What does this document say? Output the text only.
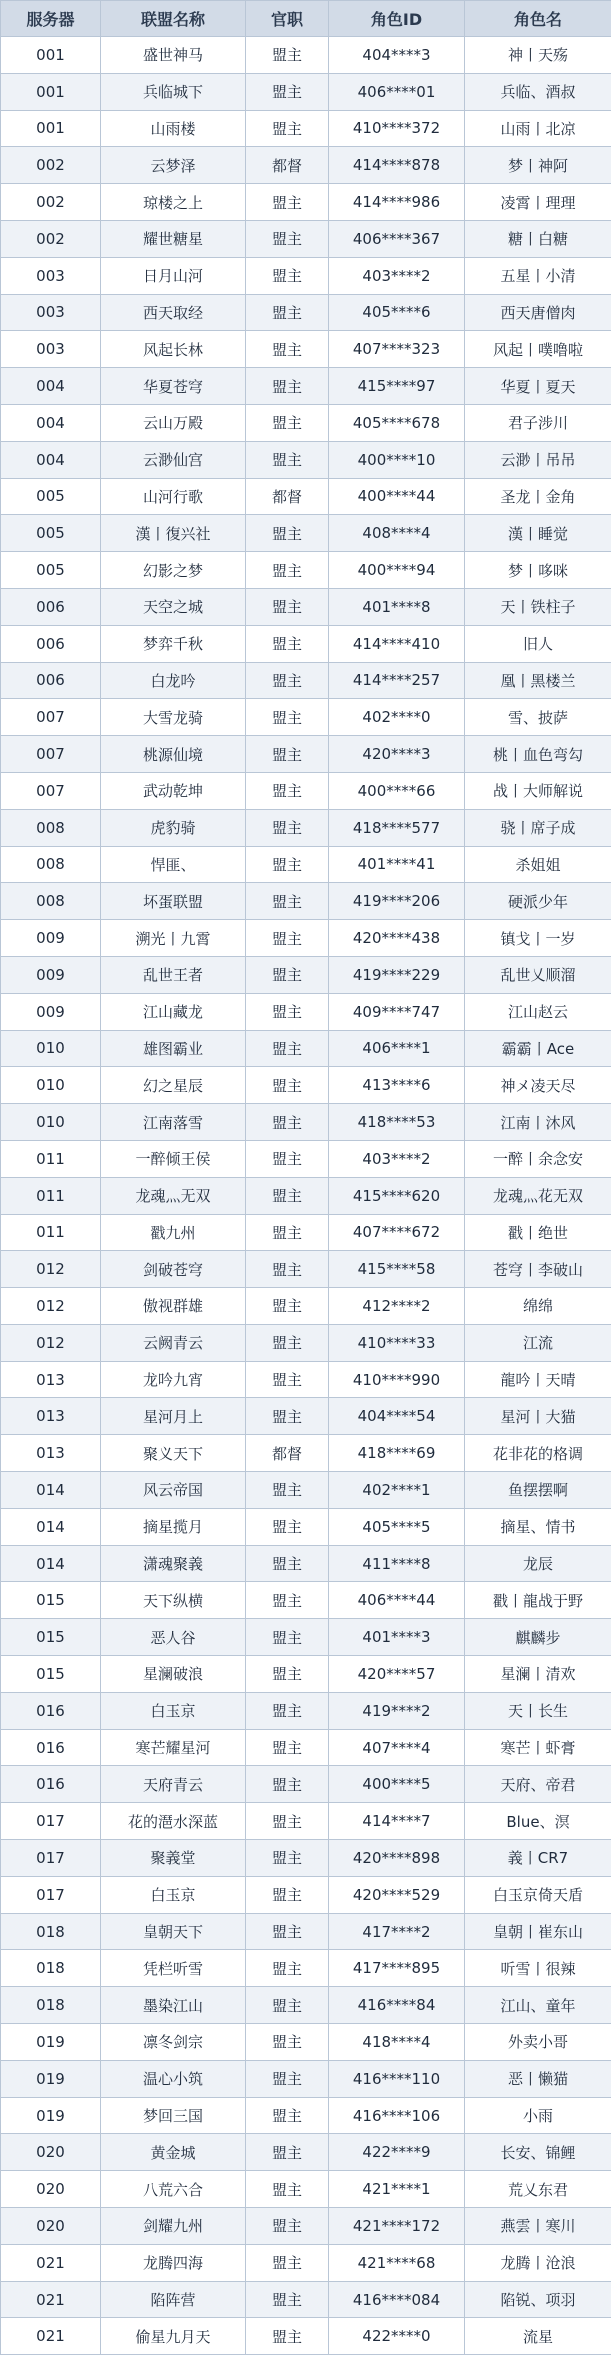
服务器	联盟名称	官职	角色ID	角色名
001	盛世神马	盟主	404****3	神丨天殇
001	兵临城下	盟主	406****01	兵临、酒叔
001	山雨楼	盟主	410****372	山雨丨北凉
002	云梦泽	都督	414****878	梦丨神阿
002	琼楼之上	盟主	414****986	凌霄丨理理
002	耀世糖星	盟主	406****367	糖丨白糖
003	日月山河	盟主	403****2	五星丨小清
003	西天取经	盟主	405****6	西天唐僧肉
003	风起长林	盟主	407****323	风起丨噗噜啦
004	华夏苍穹	盟主	415****97	华夏丨夏天
004	云山万殿	盟主	405****678	君子涉川
004	云渺仙宫	盟主	400****10	云渺丨吊吊
005	山河行歌	都督	400****44	圣龙丨金角
005	漢丨復兴社	盟主	408****4	漢丨睡觉
005	幻影之梦	盟主	400****94	梦丨哆咪
006	天空之城	盟主	401****8	天丨铁柱子
006	梦弈千秋	盟主	414****410	旧人
006	白龙吟	盟主	414****257	凰丨黑楼兰
007	大雪龙骑	盟主	402****0	雪、披萨
007	桃源仙境	盟主	420****3	桃丨血色弯勾
007	武动乾坤	盟主	400****66	战丨大师解说
008	虎豹骑	盟主	418****577	骁丨席子成
008	悍匪、	盟主	401****41	杀姐姐
008	坏蛋联盟	盟主	419****206	硬派少年
009	溯光丨九霄	盟主	420****438	镇戈丨一岁
009	乱世王者	盟主	419****229	乱世乂顺溜
009	江山藏龙	盟主	409****747	江山赵云
010	雄图霸业	盟主	406****1	霸霸丨Ace
010	幻之星辰	盟主	413****6	神メ凌天尽
010	江南落雪	盟主	418****53	江南丨沐风
011	一醉倾王侯	盟主	403****2	一醉丨余念安
011	龙魂灬无双	盟主	415****620	龙魂灬花无双
011	戳九州	盟主	407****672	戳丨绝世
012	剑破苍穹	盟主	415****58	苍穹丨李破山
012	傲视群雄	盟主	412****2	绵绵
012	云阙青云	盟主	410****33	江流
013	龙吟九宵	盟主	410****990	龍吟丨天晴
013	星河月上	盟主	404****54	星河丨大猫
013	聚义天下	都督	418****69	花非花的格调
014	风云帝国	盟主	402****1	鱼摆摆啊
014	摘星揽月	盟主	405****5	摘星、情书
014	潇魂聚義	盟主	411****8	龙辰
015	天下纵横	盟主	406****44	戳丨龍战于野
015	恶人谷	盟主	401****3	麒麟步
015	星澜破浪	盟主	420****57	星澜丨清欢
016	白玉京	盟主	419****2	天丨长生
016	寒芒耀星河	盟主	407****4	寒芒丨虾膏
016	天府青云	盟主	400****5	天府、帝君
017	花的潖水深蓝	盟主	414****7	Blue、溟
017	聚義堂	盟主	420****898	義丨CR7
017	白玉京	盟主	420****529	白玉京倚天盾
018	皇朝天下	盟主	417****2	皇朝丨崔东山
018	凭栏听雪	盟主	417****895	听雪丨很辣
018	墨染江山	盟主	416****84	江山、童年
019	凛冬剑宗	盟主	418****4	外卖小哥
019	温心小筑	盟主	416****110	恶丨懒猫
019	梦回三国	盟主	416****106	小雨
020	黄金城	盟主	422****9	长安、锦鲤
020	八荒六合	盟主	421****1	荒乂东君
020	剑耀九州	盟主	421****172	燕雲丨寒川
021	龙腾四海	盟主	421****68	龙腾丨沧浪
021	陷阵营	盟主	416****084	陷锐、项羽
021	偷星九月天	盟主	422****0	流星
